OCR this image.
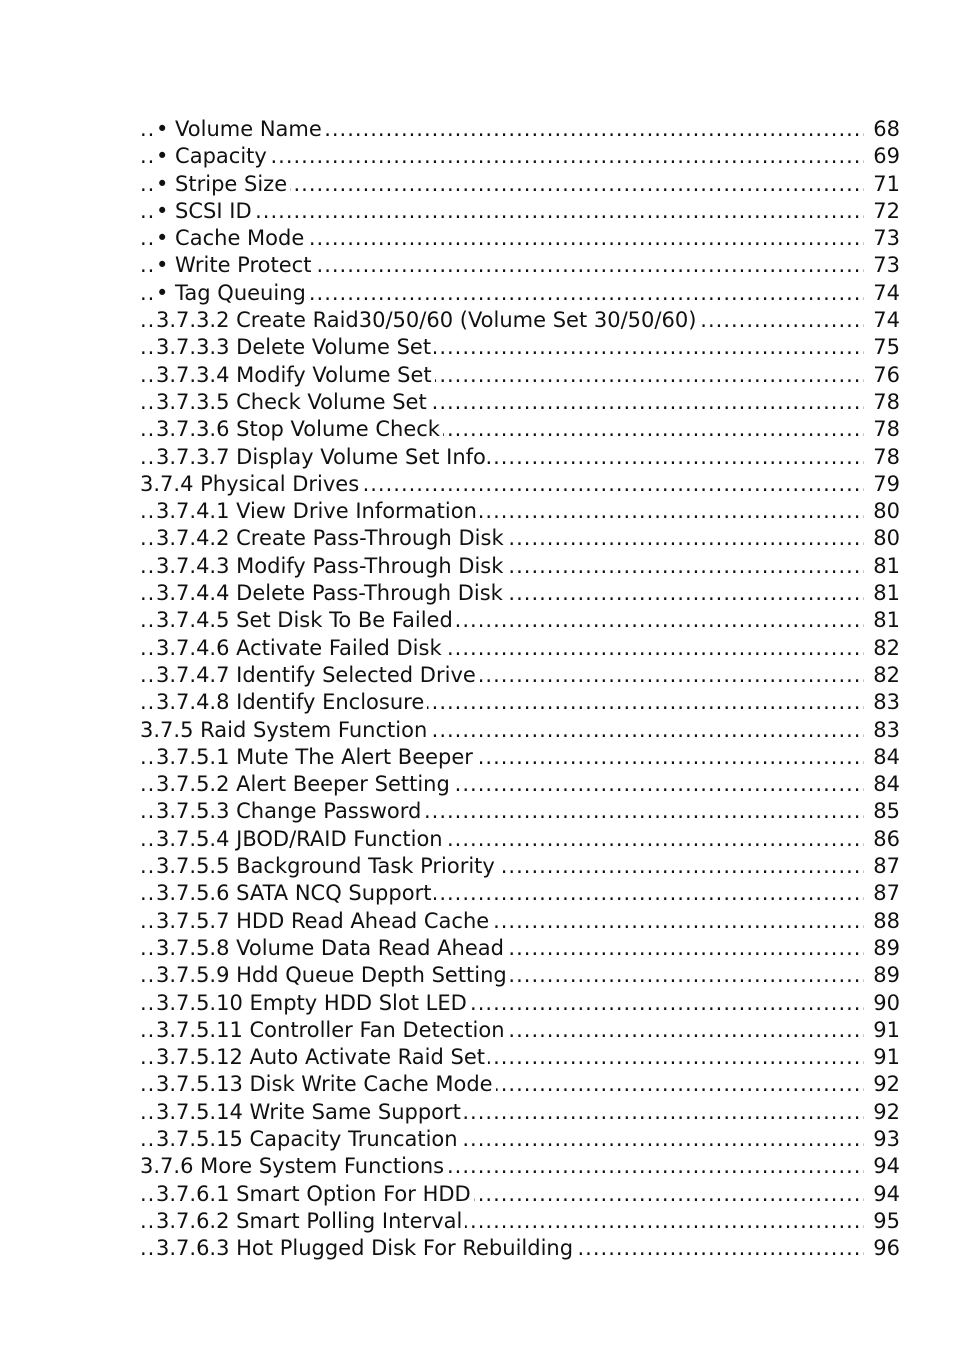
.....
• Volume Name	68
.....
• Capacity	69
.....
• Stripe Size	71
.....
• SCSI ID	72
.....
• Cache Mode	73
.....
• Write Protect	73
.....
• Tag Queuing	74
.....
3.7.3.2 Create Raid30/50/60 (Volume Set 30/50/60)	74
.....
3.7.3.3 Delete Volume Set	75
.....
3.7.3.4 Modify Volume Set	76
.....
3.7.3.5 Check Volume Set	78
.....
3.7.3.6 Stop Volume Check	78
.....
3.7.3.7 Display Volume Set Info.	78
.....
3.7.4 Physical Drives	79
.....
3.7.4.1 View Drive Information	80
.....
3.7.4.2 Create Pass-Through Disk	80
.....
3.7.4.3 Modify Pass-Through Disk	81
.....
3.7.4.4 Delete Pass-Through Disk	81
.....
3.7.4.5 Set Disk To Be Failed	81
.....
3.7.4.6 Activate Failed Disk	82
.....
3.7.4.7 Identify Selected Drive	82
.....
3.7.4.8 Identify Enclosure	83
.....
3.7.5 Raid System Function	83
.....
3.7.5.1 Mute The Alert Beeper	84
.....
3.7.5.2 Alert Beeper Setting	84
.....
3.7.5.3 Change Password	85
.....
3.7.5.4 JBOD/RAID Function	86
.....
3.7.5.5 Background Task Priority	87
.....
3.7.5.6 SATA NCQ Support	87
.....
3.7.5.7 HDD Read Ahead Cache	88
.....
3.7.5.8 Volume Data Read Ahead	89
.....
3.7.5.9 Hdd Queue Depth Setting	89
.....
3.7.5.10 Empty HDD Slot LED	90
.....
3.7.5.11 Controller Fan Detection	91
.....
3.7.5.12 Auto Activate Raid Set	91
.....
3.7.5.13 Disk Write Cache Mode	92
.....
3.7.5.14 Write Same Support	92
.....
3.7.5.15 Capacity Truncation	93
.....
3.7.6 More System Functions	94
.....
3.7.6.1 Smart Option For HDD	94
.....
3.7.6.2 Smart Polling Interval	95
.....
3.7.6.3 Hot Plugged Disk For Rebuilding	96
